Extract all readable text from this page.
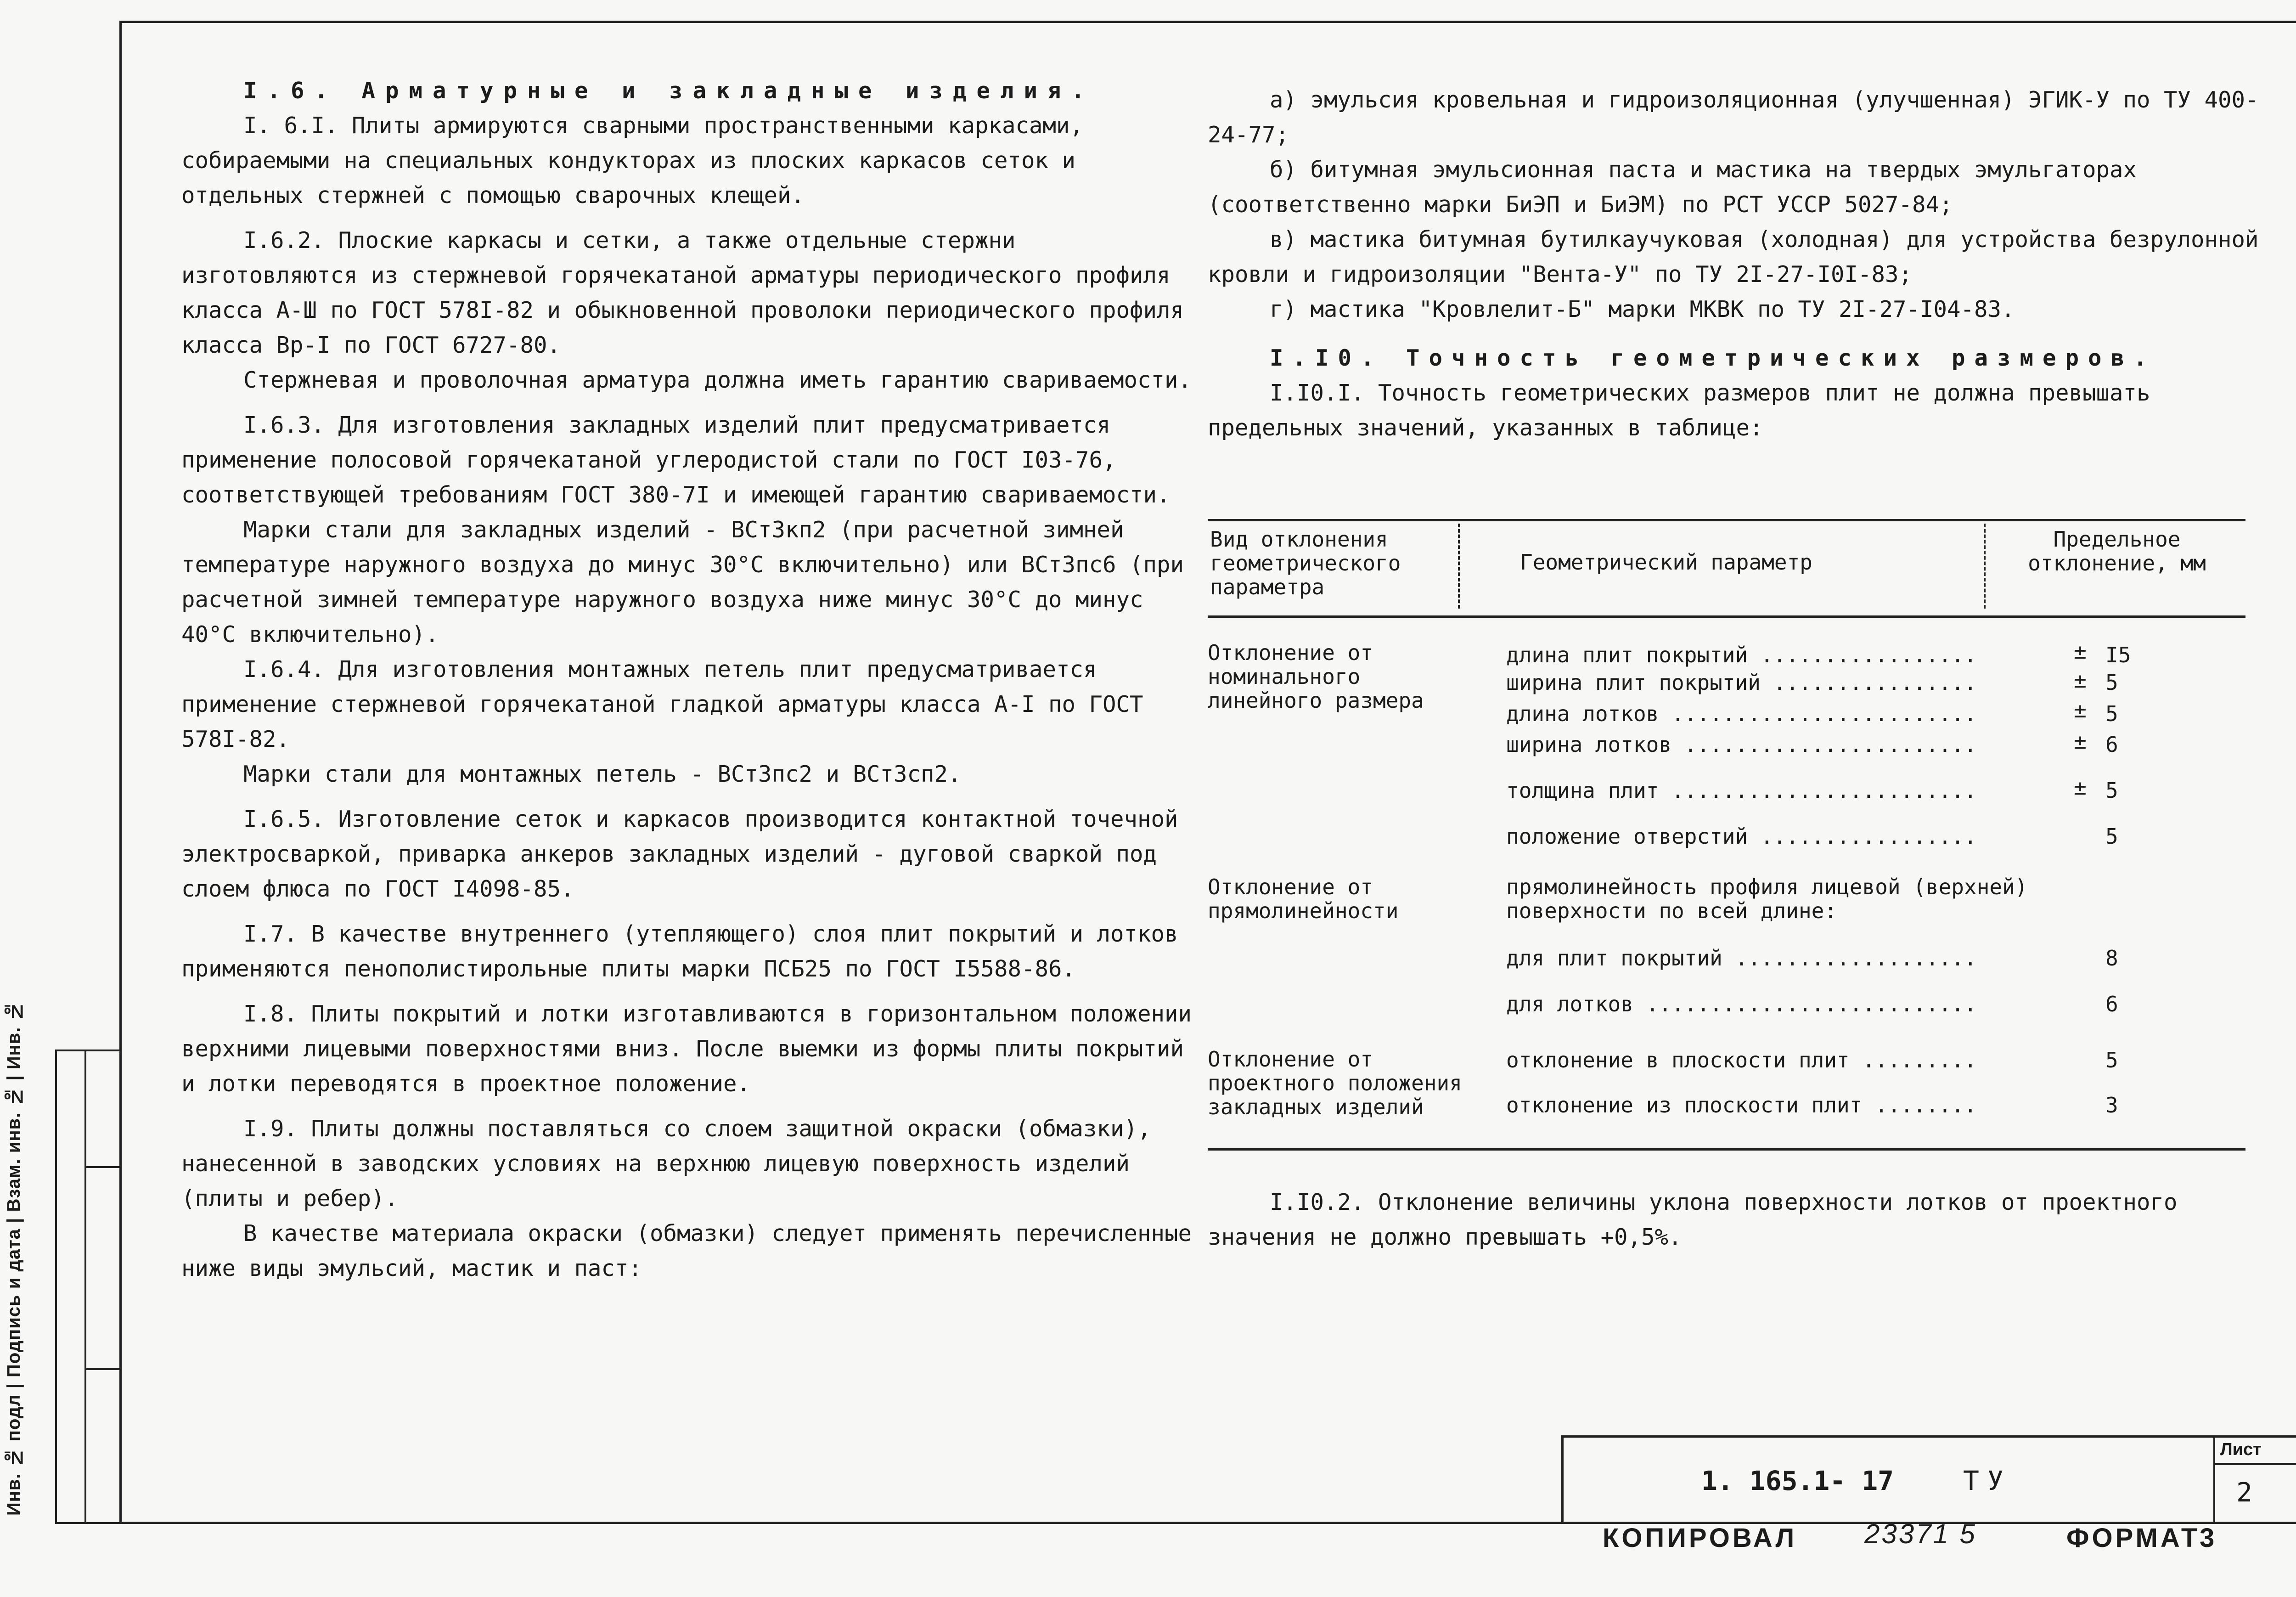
Инв. № подл | Подпись и дата | Взам. инв. № | Инв. №

I.6. Арматурные и закладные изделия.

I. 6.I. Плиты армируются сварными пространственными каркасами, собираемыми на специальных кондукторах из плоских каркасов сеток и отдельных стержней с помощью сварочных клещей.

I.6.2. Плоские каркасы и сетки, а также отдельные стержни изготовляются из стержневой горячекатаной арматуры периодического профиля класса А-Ш по ГОСТ 578I-82 и обыкновенной проволоки периодического профиля класса Вр-I по ГОСТ 6727-80.

Стержневая и проволочная арматура должна иметь гарантию свариваемости.

I.6.3. Для изготовления закладных изделий плит предусматривается применение полосовой горячекатаной углеродистой стали по ГОСТ I03-76, соответствующей требованиям ГОСТ 380-7I и имеющей гарантию свариваемости.

Марки стали для закладных изделий - ВСт3кп2 (при расчетной зимней температуре наружного воздуха до минус 30°С включительно) или ВСт3пс6 (при расчетной зимней температуре наружного воздуха ниже минус 30°С до минус 40°С включительно).

I.6.4. Для изготовления монтажных петель плит предусматривается применение стержневой горячекатаной гладкой арматуры класса А-I по ГОСТ 578I-82.

Марки стали для монтажных петель - ВСт3пс2 и ВСт3сп2.

I.6.5. Изготовление сеток и каркасов производится контактной точечной электросваркой, приварка анкеров закладных изделий - дуговой сваркой под слоем флюса по ГОСТ I4098-85.

I.7. В качестве внутреннего (утепляющего) слоя плит покрытий и лотков применяются пенополистирольные плиты марки ПСБ25 по ГОСТ I5588-86.

I.8. Плиты покрытий и лотки изготавливаются в горизонтальном положении верхними лицевыми поверхностями вниз. После выемки из формы плиты покрытий и лотки переводятся в проектное положение.

I.9. Плиты должны поставляться со слоем защитной окраски (обмазки), нанесенной в заводских условиях на верхнюю лицевую поверхность изделий (плиты и ребер).

В качестве материала окраски (обмазки) следует применять перечисленные ниже виды эмульсий, мастик и паст:

а) эмульсия кровельная и гидроизоляционная (улучшенная) ЭГИК-У по ТУ 400-24-77;

б) битумная эмульсионная паста и мастика на твердых эмульгаторах (соответственно марки БиЭП и БиЭМ) по РСТ УССР 5027-84;

в) мастика битумная бутилкаучуковая (холодная) для устройства безрулонной кровли и гидроизоляции "Вента-У" по ТУ 2I-27-I0I-83;

г) мастика "Кровлелит-Б" марки МКВК по ТУ 2I-27-I04-83.

I.I0. Точность геометрических размеров.

I.I0.I. Точность геометрических размеров плит не должна превышать предельных значений, указанных в таблице:

Вид отклонения геометрического параметра
Геометрический параметр
Предельное отклонение, мм
Отклонение от номинального линейного размера
длина плит покрытий .................	± I5
ширина плит покрытий ................	± 5
длина лотков ........................	± 5
ширина лотков .......................	± 6
толщина плит ........................	± 5
положение отверстий .................	5
Отклонение от прямолинейности
прямолинейность профиля лицевой (верхней) поверхности по всей длине:
для плит покрытий ...................	8
для лотков ..........................	6
Отклонение от проектного положения закладных изделий
отклонение в плоскости плит .........	5
отклонение из плоскости плит ........	3

I.I0.2. Отклонение величины уклона поверхности лотков от проектного значения не должно превышать +0,5%.

1. 165.1- 17	ТУ
Лист
2
КОПИРОВАЛ 23371 5	ФОРМАТ
3
